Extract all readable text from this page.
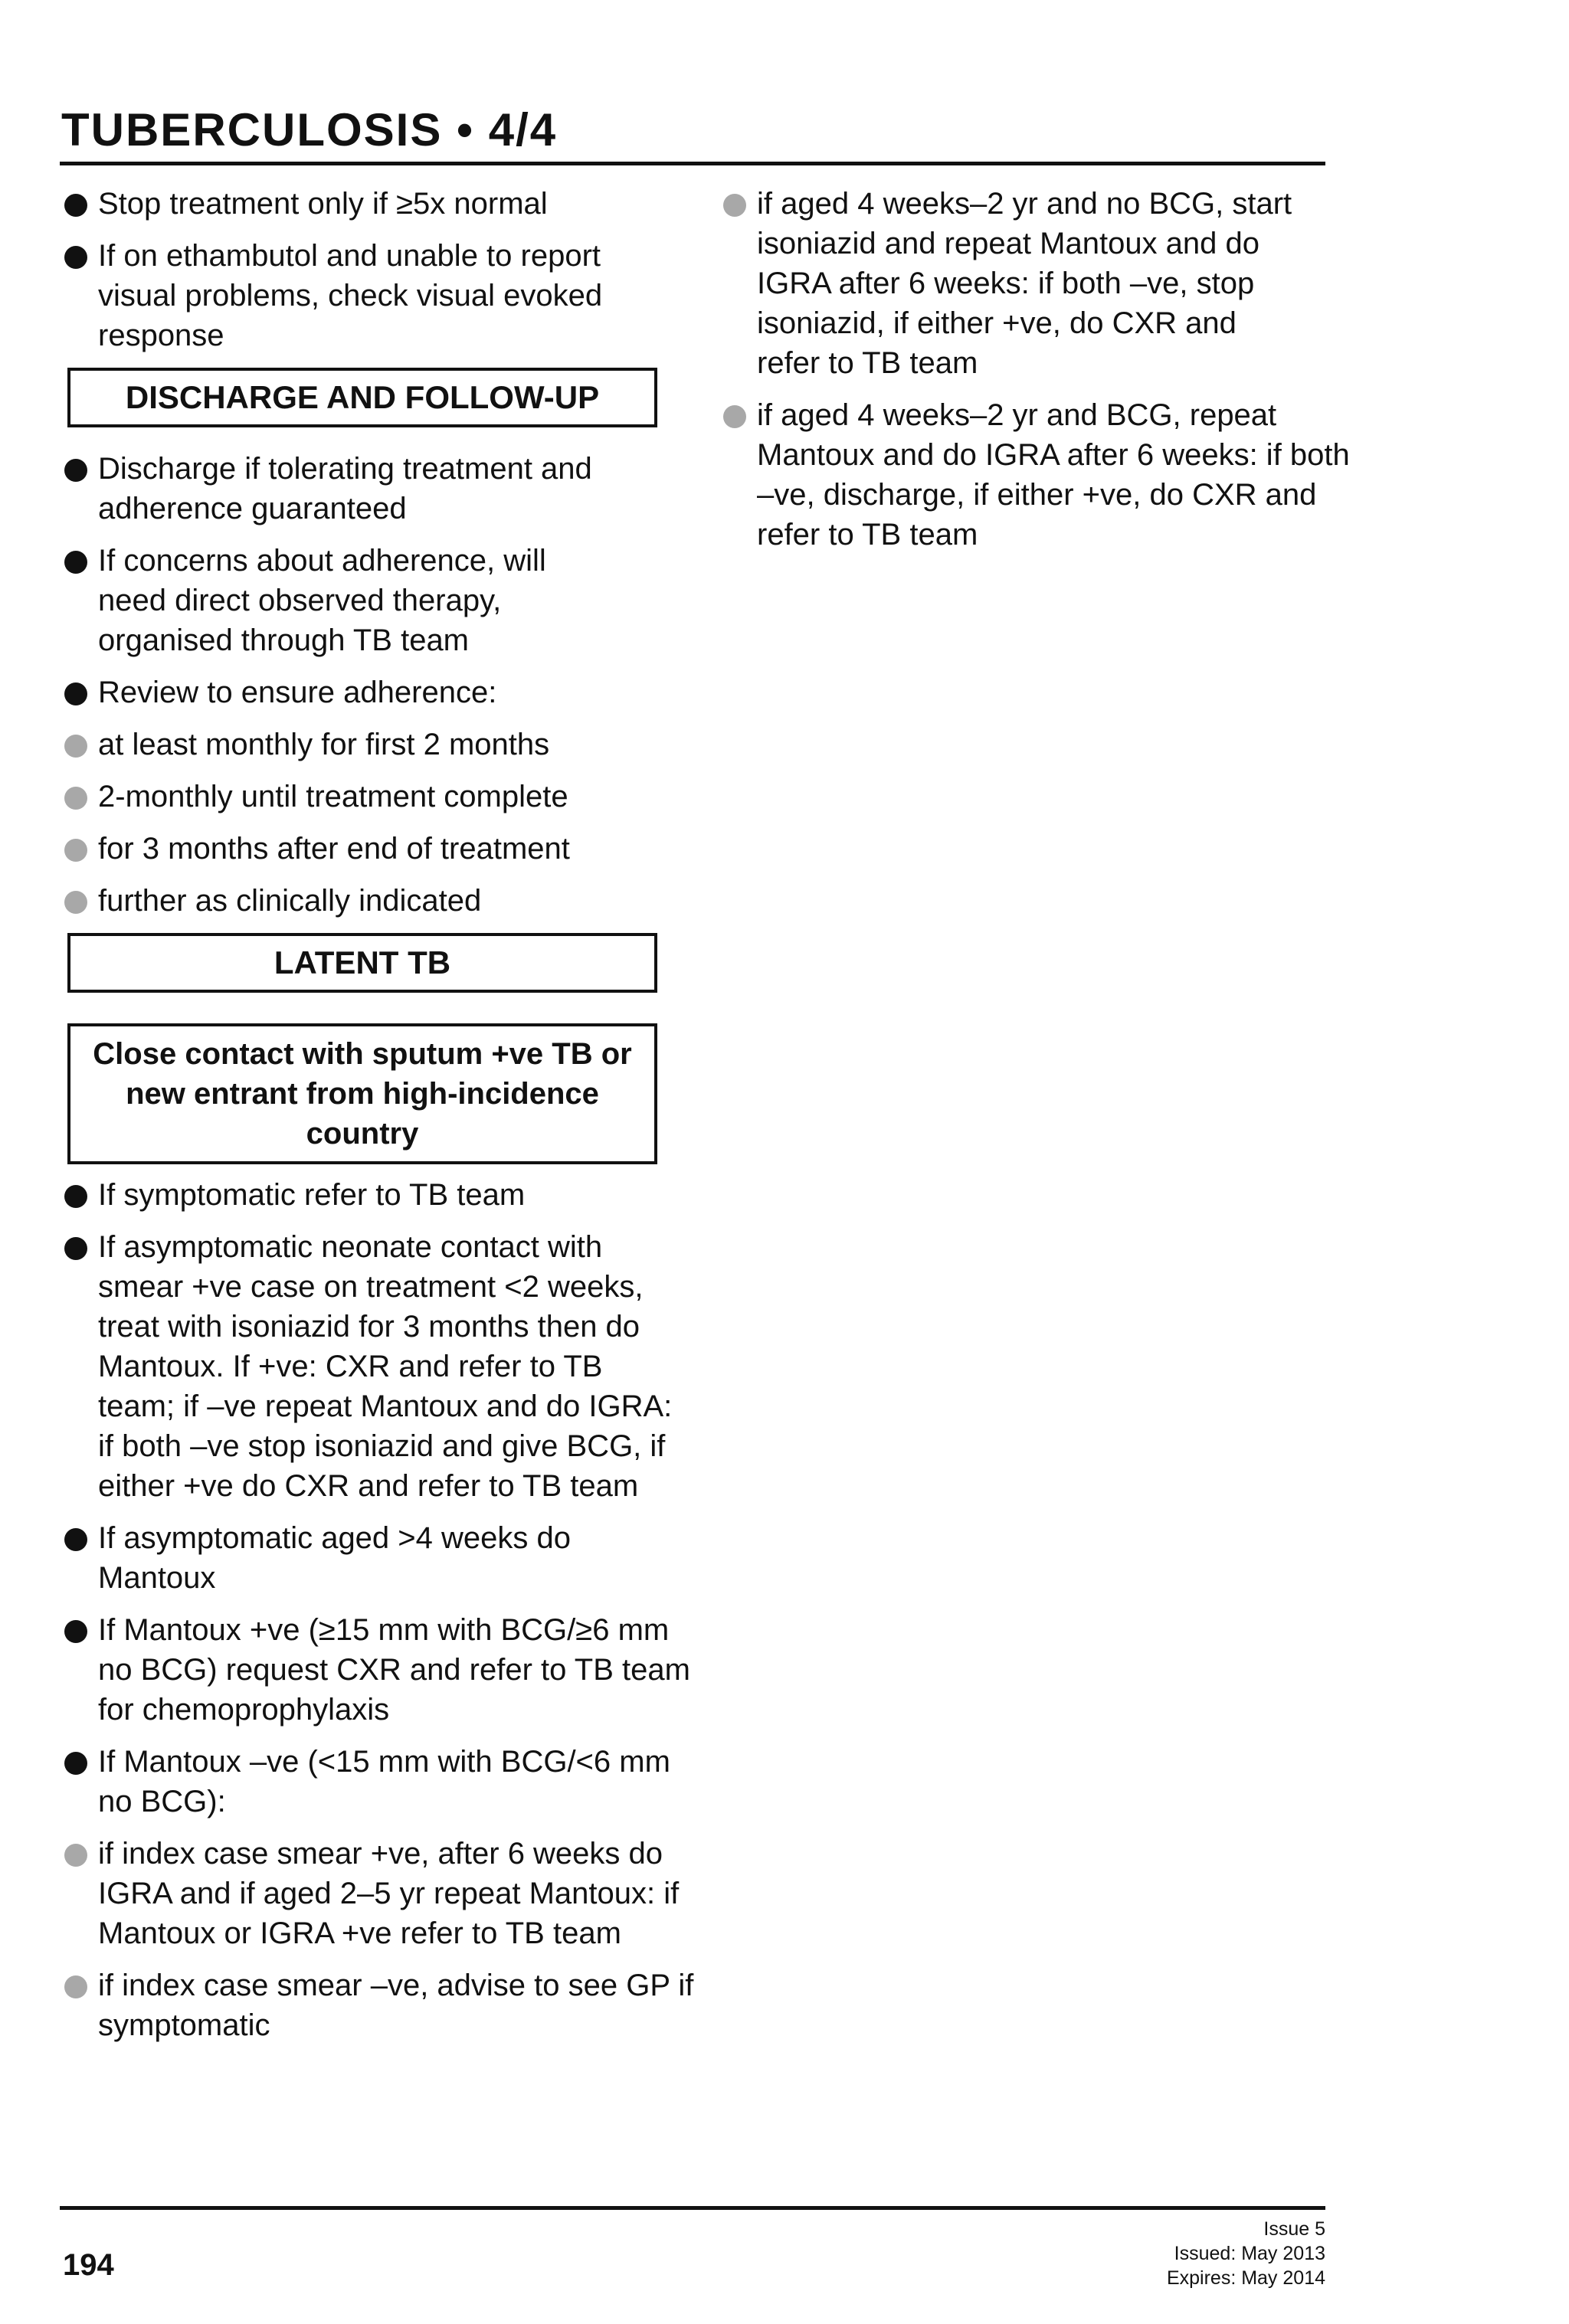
TUBERCULOSIS • 4/4
Stop treatment only if ≥5x normal
If on ethambutol and unable to report visual problems, check visual evoked response
DISCHARGE AND FOLLOW-UP
Discharge if tolerating treatment and adherence guaranteed
If concerns about adherence, will need direct observed therapy, organised through TB team
Review to ensure adherence:
at least monthly for first 2 months
2-monthly until treatment complete
for 3 months after end of treatment
further as clinically indicated
LATENT TB
Close contact with sputum +ve TB or new entrant from high-incidence country
If symptomatic refer to TB team
If asymptomatic neonate contact with smear +ve case on treatment <2 weeks, treat with isoniazid for 3 months then do Mantoux. If +ve: CXR and refer to TB team; if –ve repeat Mantoux and do IGRA: if both –ve stop isoniazid and give BCG, if either +ve do CXR and refer to TB team
If asymptomatic aged >4 weeks do Mantoux
If Mantoux +ve (≥15 mm with BCG/≥6 mm no BCG) request CXR and refer to TB team for chemoprophylaxis
If Mantoux –ve (<15 mm with BCG/<6 mm no BCG):
if index case smear +ve, after 6 weeks do IGRA and if aged 2–5 yr repeat Mantoux: if Mantoux or IGRA +ve refer to TB team
if index case smear –ve, advise to see GP if symptomatic
if aged 4 weeks–2 yr and no BCG, start isoniazid and repeat Mantoux and do IGRA after 6 weeks: if both –ve, stop isoniazid, if either +ve, do CXR and refer to TB team
if aged 4 weeks–2 yr and BCG, repeat Mantoux and do IGRA after 6 weeks: if both –ve, discharge, if either +ve, do CXR and refer to TB team
194
Issue 5
Issued: May 2013
Expires: May 2014
